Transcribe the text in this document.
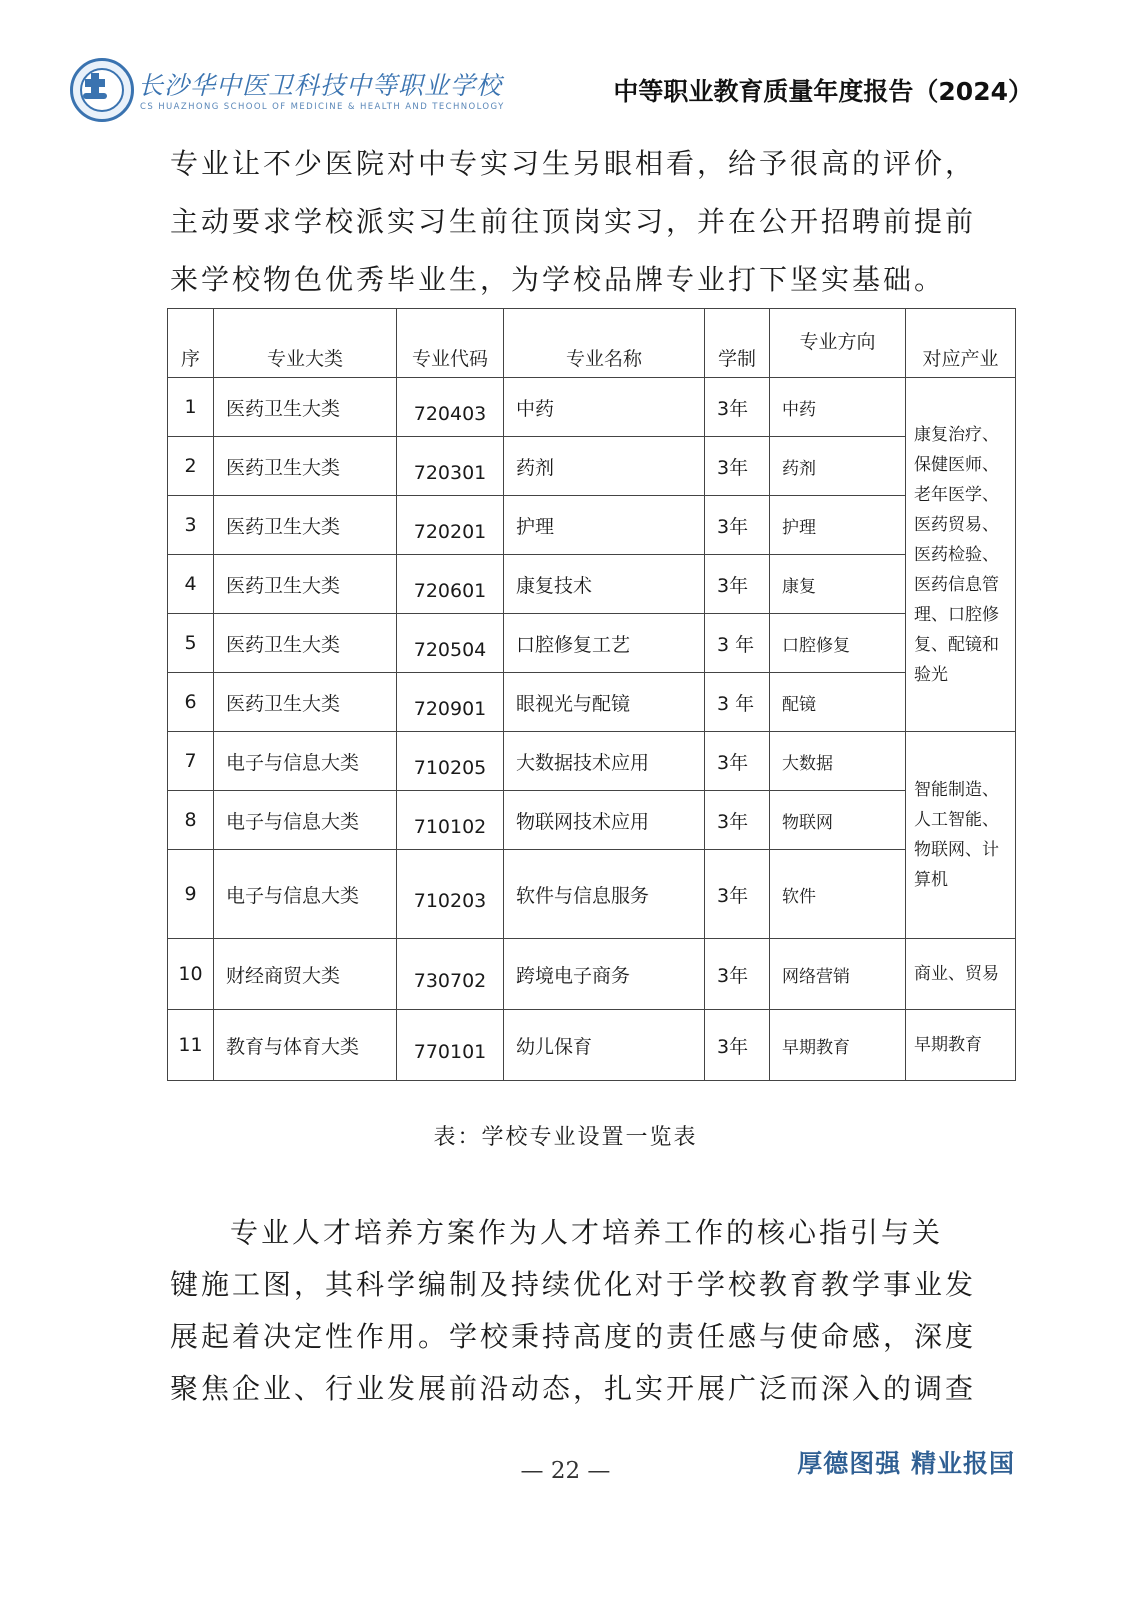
长沙华中医卫科技中等职业学校
CS HUAZHONG SCHOOL OF MEDICINE & HEALTH AND TECHNOLOGY
中等职业教育质量年度报告（2024）

专业让不少医院对中专实习生另眼相看，给予很高的评价，

主动要求学校派实习生前往顶岗实习，并在公开招聘前提前

来学校物色优秀毕业生，为学校品牌专业打下坚实基础。

序	专业大类	专业代码	专业名称	学制	专业方向	对应产业
1	医药卫生大类	720403	中药	3年	中药	康复治疗、保健医师、老年医学、医药贸易、医药检验、医药信息管理、口腔修复、配镜和验光
2	医药卫生大类	720301	药剂	3年	药剂	
3	医药卫生大类	720201	护理	3年	护理	
4	医药卫生大类	720601	康复技术	3年	康复	
5	医药卫生大类	720504	口腔修复工艺	3 年	口腔修复	
6	医药卫生大类	720901	眼视光与配镜	3 年	配镜	
7	电子与信息大类	710205	大数据技术应用	3年	大数据	智能制造、人工智能、物联网、计算机
8	电子与信息大类	710102	物联网技术应用	3年	物联网	
9	电子与信息大类	710203	软件与信息服务	3年	软件	
10	财经商贸大类	730702	跨境电子商务	3年	网络营销	商业、贸易
11	教育与体育大类	770101	幼儿保育	3年	早期教育	早期教育
表：学校专业设置一览表

专业人才培养方案作为人才培养工作的核心指引与关

键施工图，其科学编制及持续优化对于学校教育教学事业发

展起着决定性作用。学校秉持高度的责任感与使命感，深度

聚焦企业、行业发展前沿动态，扎实开展广泛而深入的调查

— 22 —	厚德图强 精业报国
